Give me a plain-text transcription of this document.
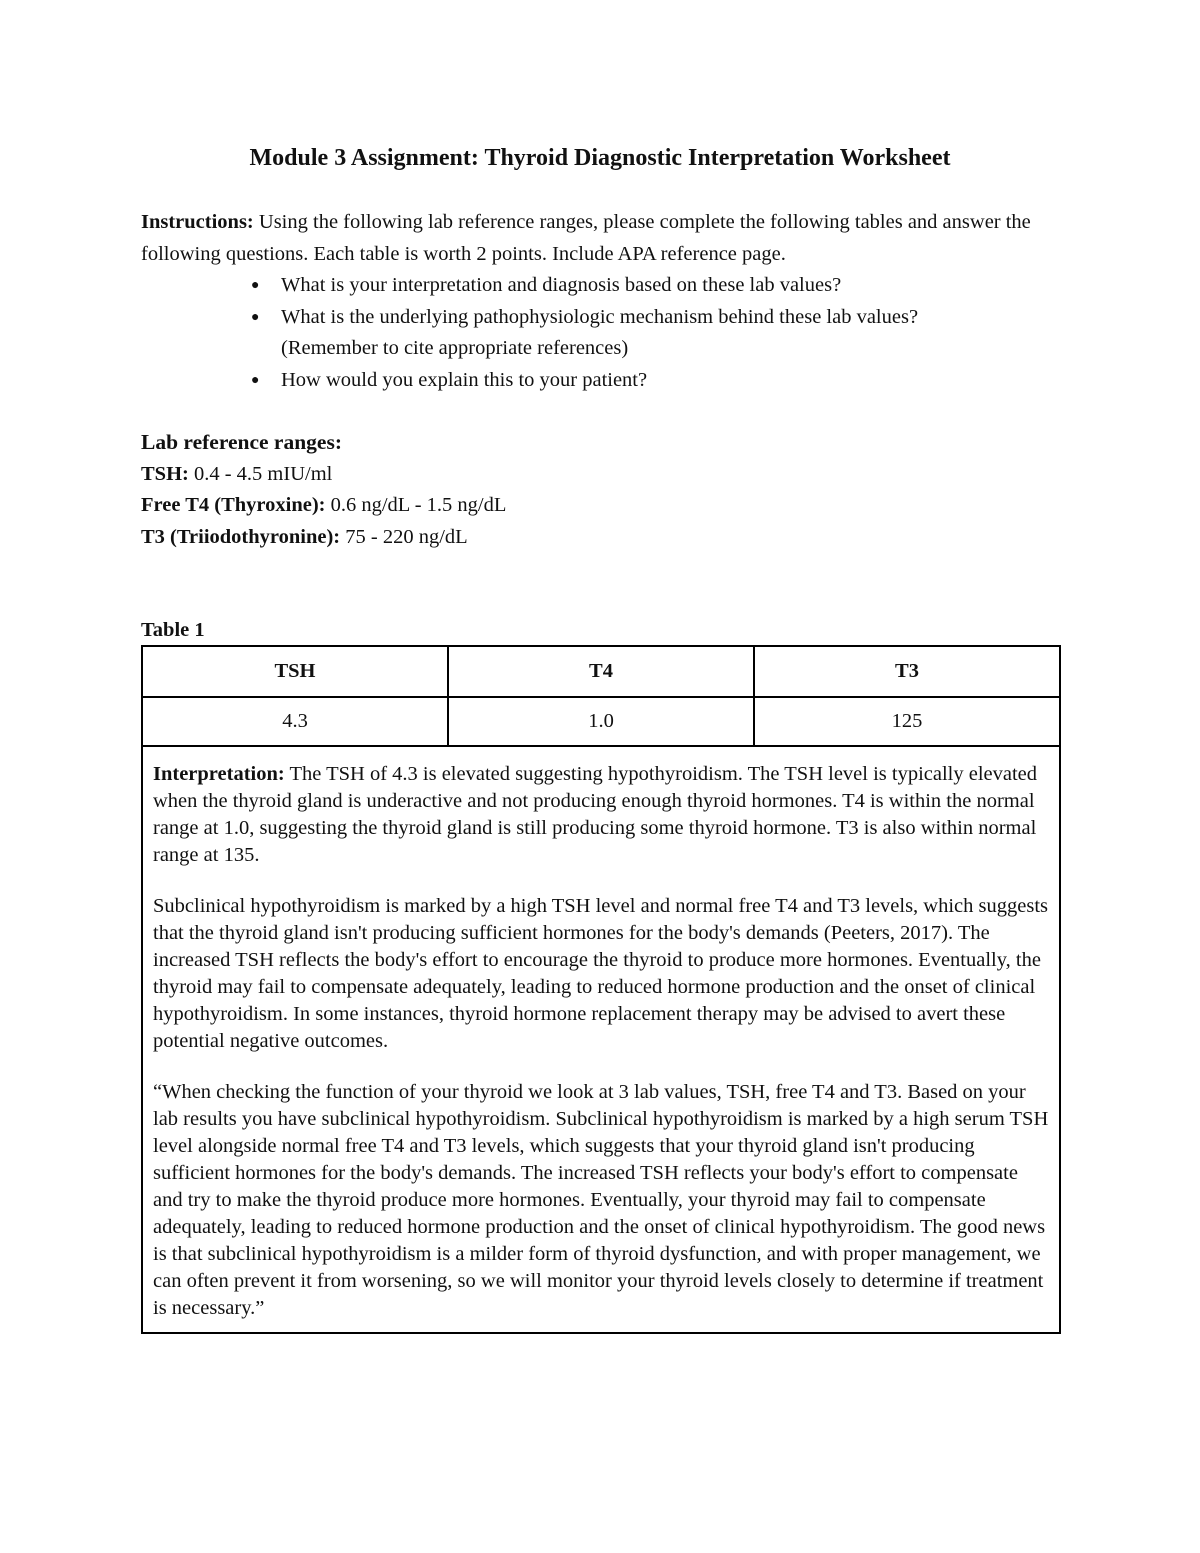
Module 3 Assignment: Thyroid Diagnostic Interpretation Worksheet

Instructions: Using the following lab reference ranges, please complete the following tables and answer the following questions. Each table is worth 2 points. Include APA reference page.

● What is your interpretation and diagnosis based on these lab values?
● What is the underlying pathophysiologic mechanism behind these lab values?
(Remember to cite appropriate references)
● How would you explain this to your patient?
Lab reference ranges:
TSH: 0.4 - 4.5 mIU/ml
Free T4 (Thyroxine): 0.6 ng/dL - 1.5 ng/dL
T3 (Triiodothyronine): 75 - 220 ng/dL
Table 1
TSH	T4	T3
4.3	1.0	125

Interpretation: The TSH of 4.3 is elevated suggesting hypothyroidism. The TSH level is typically elevated when the thyroid gland is underactive and not producing enough thyroid hormones. T4 is within the normal range at 1.0, suggesting the thyroid gland is still producing some thyroid hormone. T3 is also within normal range at 135.

Subclinical hypothyroidism is marked by a high TSH level and normal free T4 and T3 levels, which suggests that the thyroid gland isn't producing sufficient hormones for the body's demands (Peeters, 2017). The increased TSH reflects the body's effort to encourage the thyroid to produce more hormones. Eventually, the thyroid may fail to compensate adequately, leading to reduced hormone production and the onset of clinical hypothyroidism. In some instances, thyroid hormone replacement therapy may be advised to avert these potential negative outcomes.

“When checking the function of your thyroid we look at 3 lab values, TSH, free T4 and T3. Based on your lab results you have subclinical hypothyroidism. Subclinical hypothyroidism is marked by a high serum TSH level alongside normal free T4 and T3 levels, which suggests that your thyroid gland isn't producing sufficient hormones for the body's demands. The increased TSH reflects your body's effort to compensate and try to make the thyroid produce more hormones. Eventually, your thyroid may fail to compensate adequately, leading to reduced hormone production and the onset of clinical hypothyroidism. The good news is that subclinical hypothyroidism is a milder form of thyroid dysfunction, and with proper management, we can often prevent it from worsening, so we will monitor your thyroid levels closely to determine if treatment is necessary.”		
